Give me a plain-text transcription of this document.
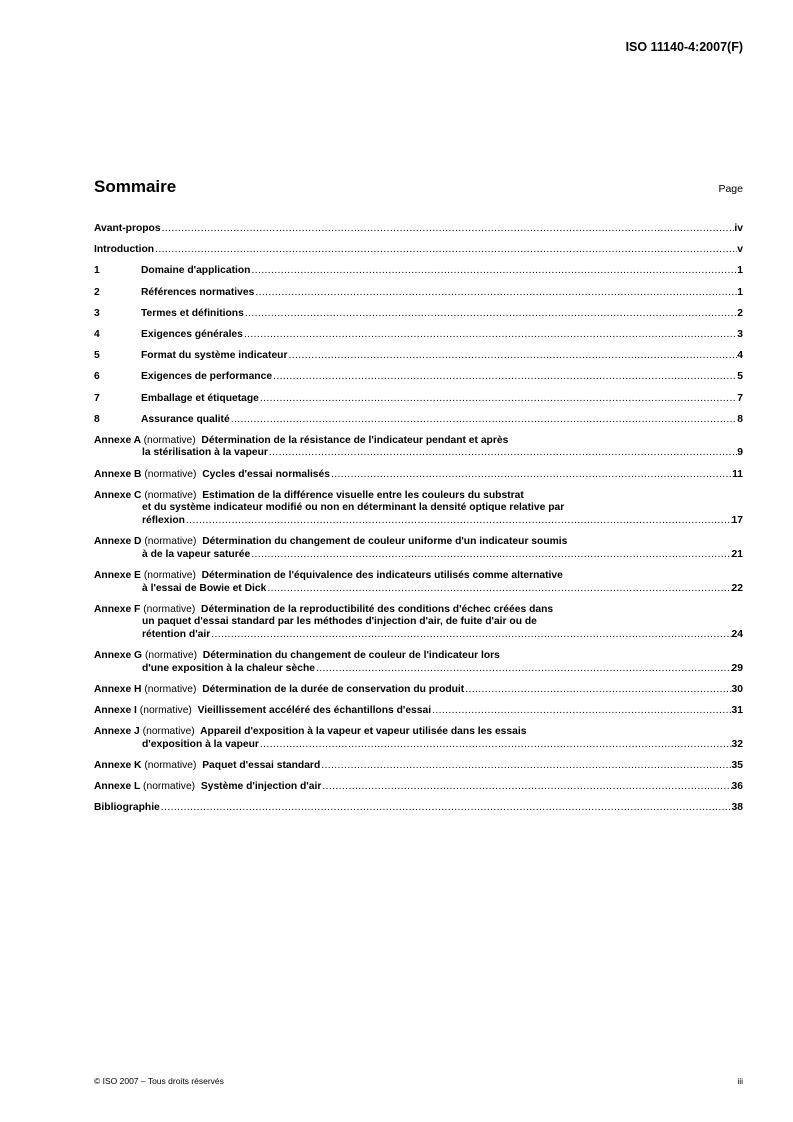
ISO 11140-4:2007(F)
Sommaire	Page
Avant-propos .....	iv
Introduction .....	v
1	Domaine d'application .....	1
2	Références normatives .....	1
3	Termes et définitions .....	2
4	Exigences générales .....	3
5	Format du système indicateur .....	4
6	Exigences de performance .....	5
7	Emballage et étiquetage .....	7
8	Assurance qualité .....	8
Annexe A (normative) Détermination de la résistance de l'indicateur pendant et après
la stérilisation à la vapeur .....	9
Annexe B (normative) Cycles d'essai normalisés .....	11
Annexe C (normative) Estimation de la différence visuelle entre les couleurs du substrat
et du système indicateur modifié ou non en déterminant la densité optique relative par
réflexion .....	17
Annexe D (normative) Détermination du changement de couleur uniforme d'un indicateur soumis
à de la vapeur saturée .....	21
Annexe E (normative) Détermination de l'équivalence des indicateurs utilisés comme alternative
à l'essai de Bowie et Dick .....	22
Annexe F (normative) Détermination de la reproductibilité des conditions d'échec créées dans
un paquet d'essai standard par les méthodes d'injection d'air, de fuite d'air ou de
rétention d'air .....	24
Annexe G (normative) Détermination du changement de couleur de l'indicateur lors
d'une exposition à la chaleur sèche .....	29
Annexe H (normative) Détermination de la durée de conservation du produit .....	30
Annexe I (normative) Vieillissement accéléré des échantillons d'essai .....	31
Annexe J (normative) Appareil d'exposition à la vapeur et vapeur utilisée dans les essais
d'exposition à la vapeur .....	32
Annexe K (normative) Paquet d'essai standard .....	35
Annexe L (normative) Système d'injection d'air .....	36
Bibliographie .....	38
© ISO 2007 – Tous droits réservés	iii
